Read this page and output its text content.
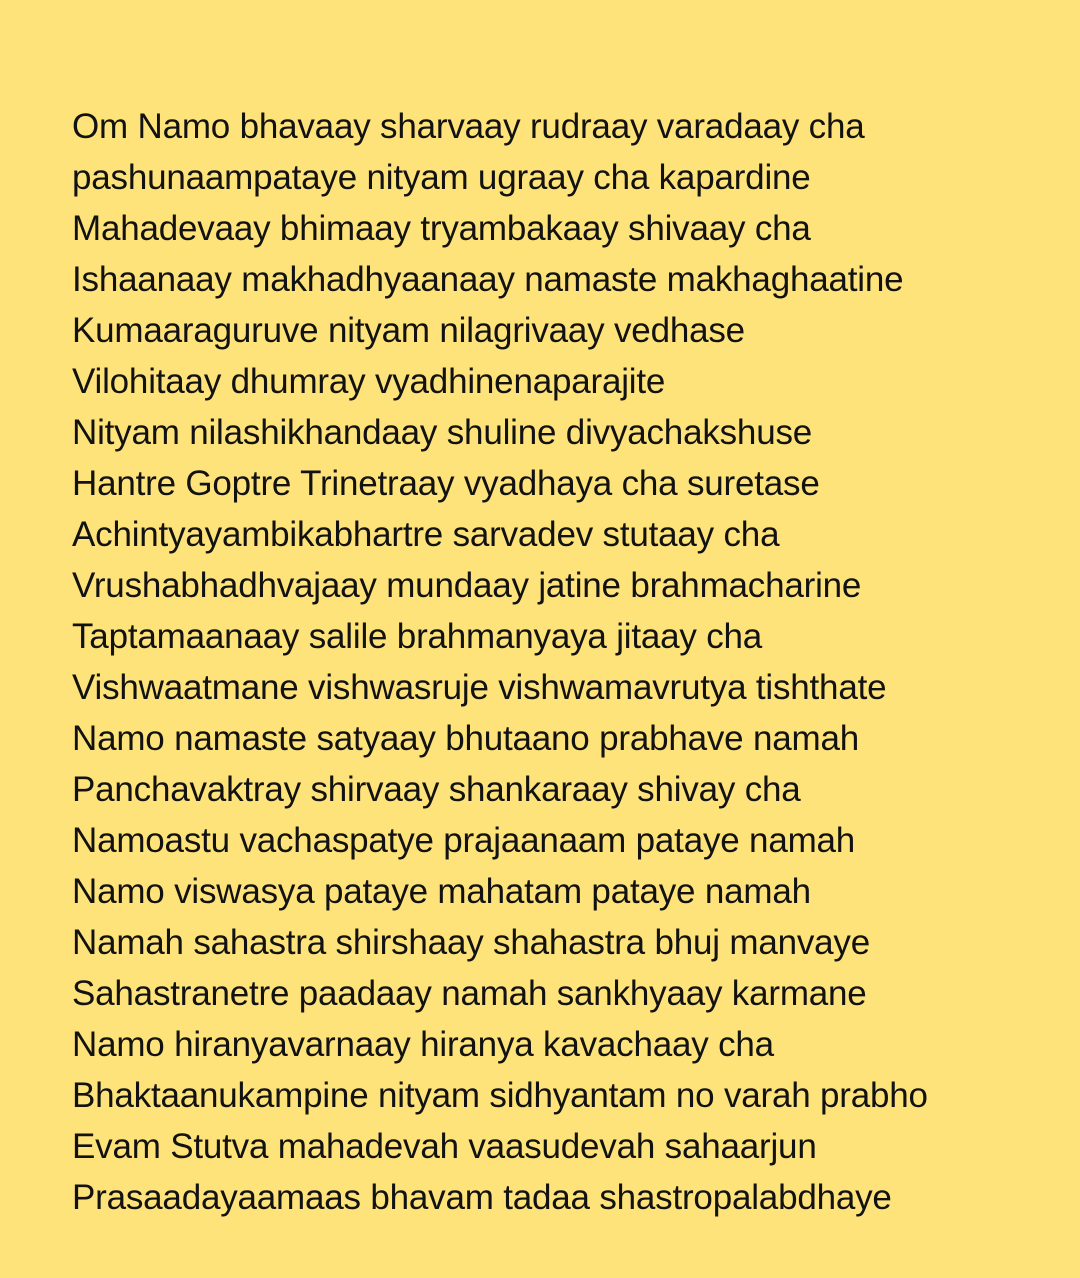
Om Namo bhavaay sharvaay rudraay varadaay cha
pashunaampataye nityam ugraay cha kapardine
Mahadevaay bhimaay tryambakaay shivaay cha
Ishaanaay makhadhyaanaay namaste makhaghaatine
Kumaaraguruve nityam nilagrivaay vedhase
Vilohitaay dhumray vyadhinenaparajite
Nityam nilashikhandaay shuline divyachakshuse
Hantre Goptre Trinetraay vyadhaya cha suretase
Achintyayambikabhartre sarvadev stutaay cha
Vrushabhadhvajaay mundaay jatine brahmacharine
Taptamaanaay salile brahmanyaya jitaay cha
Vishwaatmane vishwasruje vishwamavrutya tishthate
Namo namaste satyaay bhutaano prabhave namah
Panchavaktray shirvaay shankaraay shivay cha
Namoastu vachaspatye prajaanaam pataye namah
Namo viswasya pataye mahatam pataye namah
Namah sahastra shirshaay shahastra bhuj manvaye
Sahastranetre paadaay namah sankhyaay karmane
Namo hiranyavarnaay hiranya kavachaay cha
Bhaktaanukampine nityam sidhyantam no varah prabho
Evam Stutva mahadevah vaasudevah sahaarjun
Prasaadayaamaas bhavam tadaa shastropalabdhaye
